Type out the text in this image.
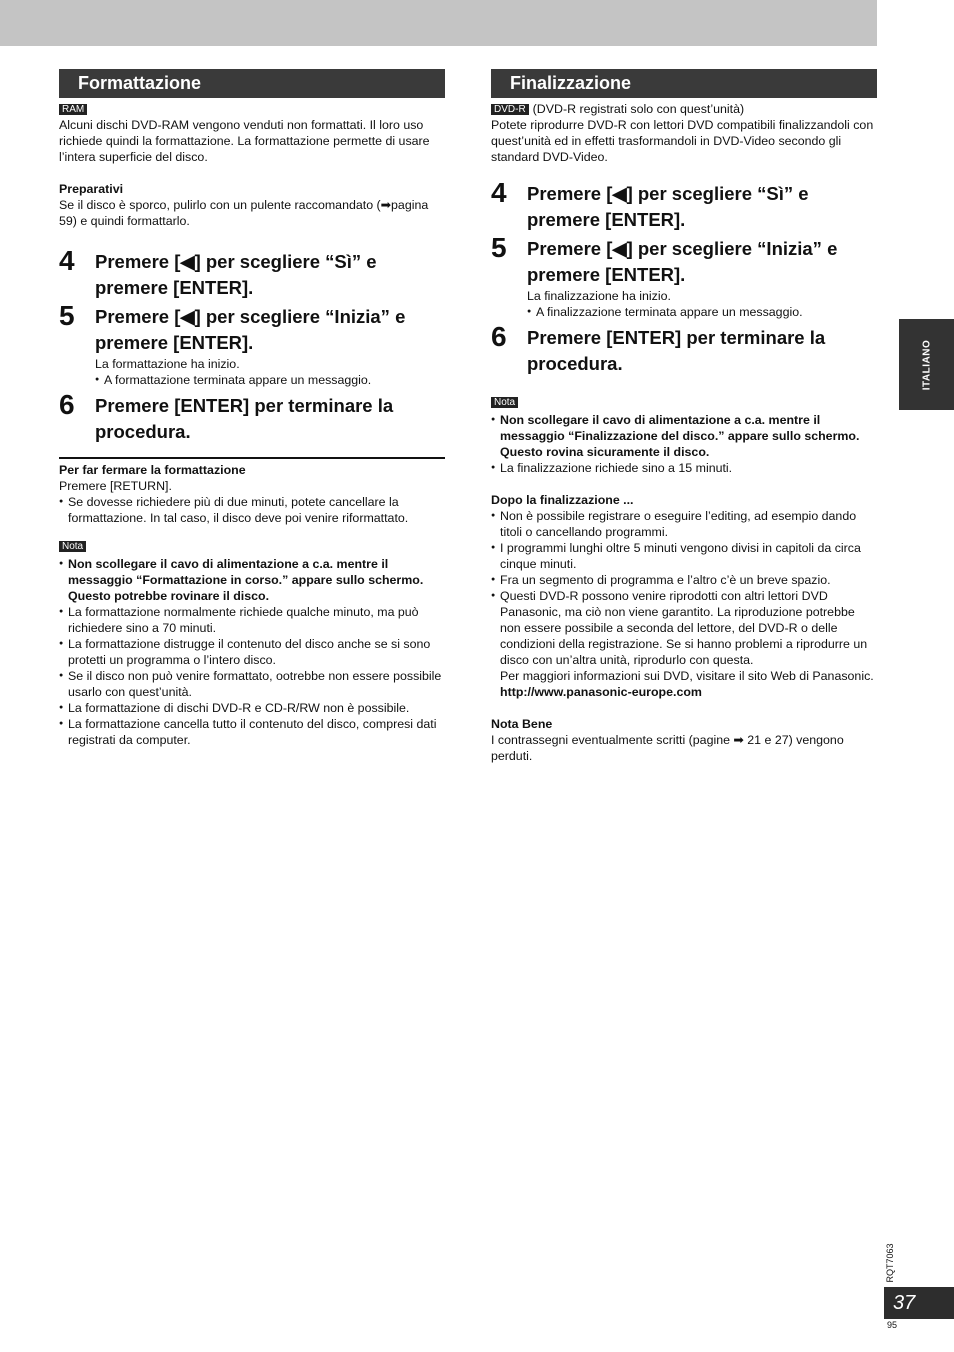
Formattazione

RAM

Alcuni dischi DVD-RAM vengono venduti non formattati. Il loro uso richiede quindi la formattazione. La formattazione permette di usare l’intera superficie del disco.

Preparativi

Se il disco è sporco, pulirlo con un pulente raccomandato (➡pagina 59) e quindi formattarlo.

4 Premere [◀] per scegliere “Sì” e premere [ENTER].

5 Premere [◀] per scegliere “Inizia” e premere [ENTER].

La formattazione ha inizio.

● A formattazione terminata appare un messaggio.
6 Premere [ENTER] per terminare la procedura.

Per far fermare la formattazione

Premere [RETURN].

● Se dovesse richiedere più di due minuti, potete cancellare la formattazione. In tal caso, il disco deve poi venire riformattato.

Nota

● Non scollegare il cavo di alimentazione a c.a. mentre il messaggio “Formattazione in corso.” appare sullo schermo. Questo potrebbe rovinare il disco.
● La formattazione normalmente richiede qualche minuto, ma può richiedere sino a 70 minuti.
● La formattazione distrugge il contenuto del disco anche se si sono protetti un programma o l’intero disco.
● Se il disco non può venire formattato, ootrebbe non essere possibile usarlo con quest’unità.
● La formattazione di dischi DVD-R e CD-R/RW non è possibile.
● La formattazione cancella tutto il contenuto del disco, compresi dati registrati da computer.
Finalizzazione

DVD-R (DVD-R registrati solo con quest’unità)

Potete riprodurre DVD-R con lettori DVD compatibili finalizzandoli con quest’unità ed in effetti trasformandoli in DVD-Video secondo gli standard DVD-Video.

4 Premere [◀] per scegliere “Sì” e premere [ENTER].

5 Premere [◀] per scegliere “Inizia” e premere [ENTER].

La finalizzazione ha inizio.

● A finalizzazione terminata appare un messaggio.
6 Premere [ENTER] per terminare la procedura.

Nota

● Non scollegare il cavo di alimentazione a c.a. mentre il messaggio “Finalizzazione del disco.” appare sullo schermo. Questo rovina sicuramente il disco.
● La finalizzazione richiede sino a 15 minuti.

Dopo la finalizzazione ...

● Non è possibile registrare o eseguire l’editing, ad esempio dando titoli o cancellando programmi.
● I programmi lunghi oltre 5 minuti vengono divisi in capitoli da circa cinque minuti.
● Fra un segmento di programma e l’altro c’è un breve spazio.
● Questi DVD-R possono venire riprodotti con altri lettori DVD Panasonic, ma ciò non viene garantito. La riproduzione potrebbe non essere possibile a seconda del lettore, del DVD-R o delle condizioni della registrazione. Se si hanno problemi a riprodurre un disco con un’altra unità, riprodurlo con questa.

Per maggiori informazioni sui DVD, visitare il sito Web di Panasonic.

http://www.panasonic-europe.com

Nota Bene

I contrassegni eventualmente scritti (pagine ➡ 21 e 27) vengono perduti.

ITALIANO
RQT7063
37
95
